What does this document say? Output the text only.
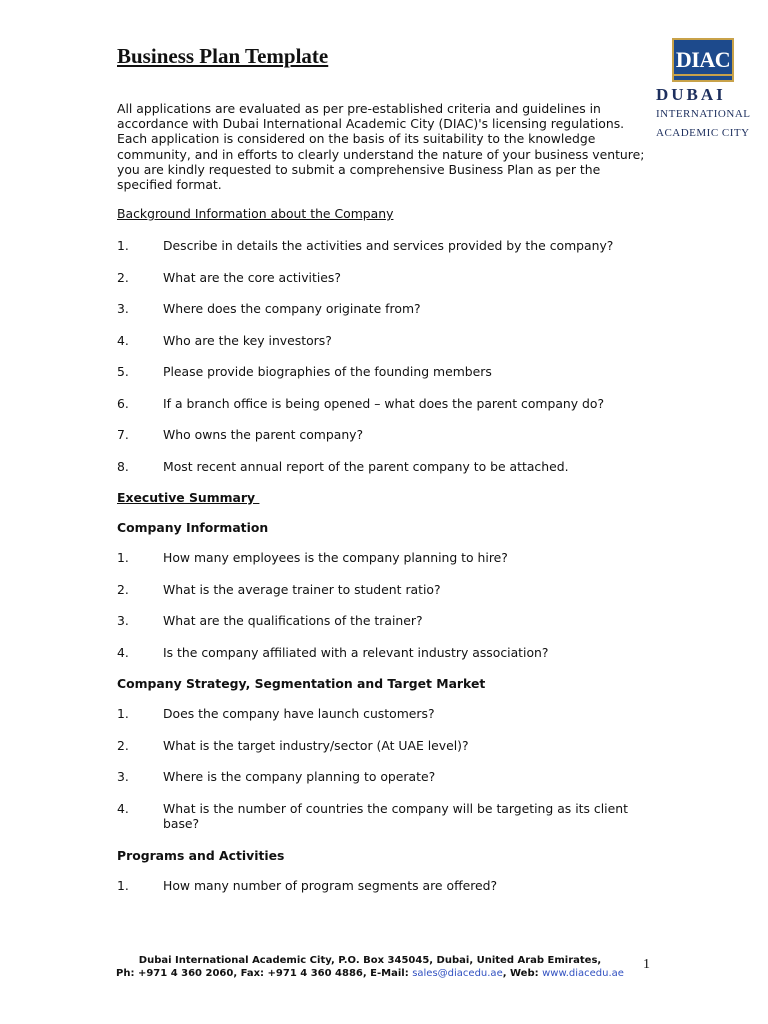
Business Plan Template	DIAC
DUBAI
INTERNATIONAL
ACADEMIC CITY

All applications are evaluated as per pre-established criteria and guidelines in accordance with Dubai International Academic City (DIAC)'s licensing regulations. Each application is considered on the basis of its suitability to the knowledge community, and in efforts to clearly understand the nature of your business venture; you are kindly requested to submit a comprehensive Business Plan as per the specified format.

Background Information about the Company
1.	Describe in details the activities and services provided by the company?
2.	What are the core activities?
3.	Where does the company originate from?
4.	Who are the key investors?
5.	Please provide biographies of the founding members
6.	If a branch office is being opened – what does the parent company do?
7.	Who owns the parent company?
8.	Most recent annual report of the parent company to be attached.
Executive Summary
Company Information
1.	How many employees is the company planning to hire?
2.	What is the average trainer to student ratio?
3.	What are the qualifications of the trainer?
4.	Is the company affiliated with a relevant industry association?
Company Strategy, Segmentation and Target Market
1.	Does the company have launch customers?
2.	What is the target industry/sector (At UAE level)?
3.	Where is the company planning to operate?
4.	What is the number of countries the company will be targeting as its client base?
Programs and Activities
1.	How many number of program segments are offered?
Dubai International Academic City, P.O. Box 345045, Dubai, United Arab Emirates,
Ph: +971 4 360 2060, Fax: +971 4 360 4886, E-Mail: sales@diacedu.ae, Web: www.diacedu.ae
1
